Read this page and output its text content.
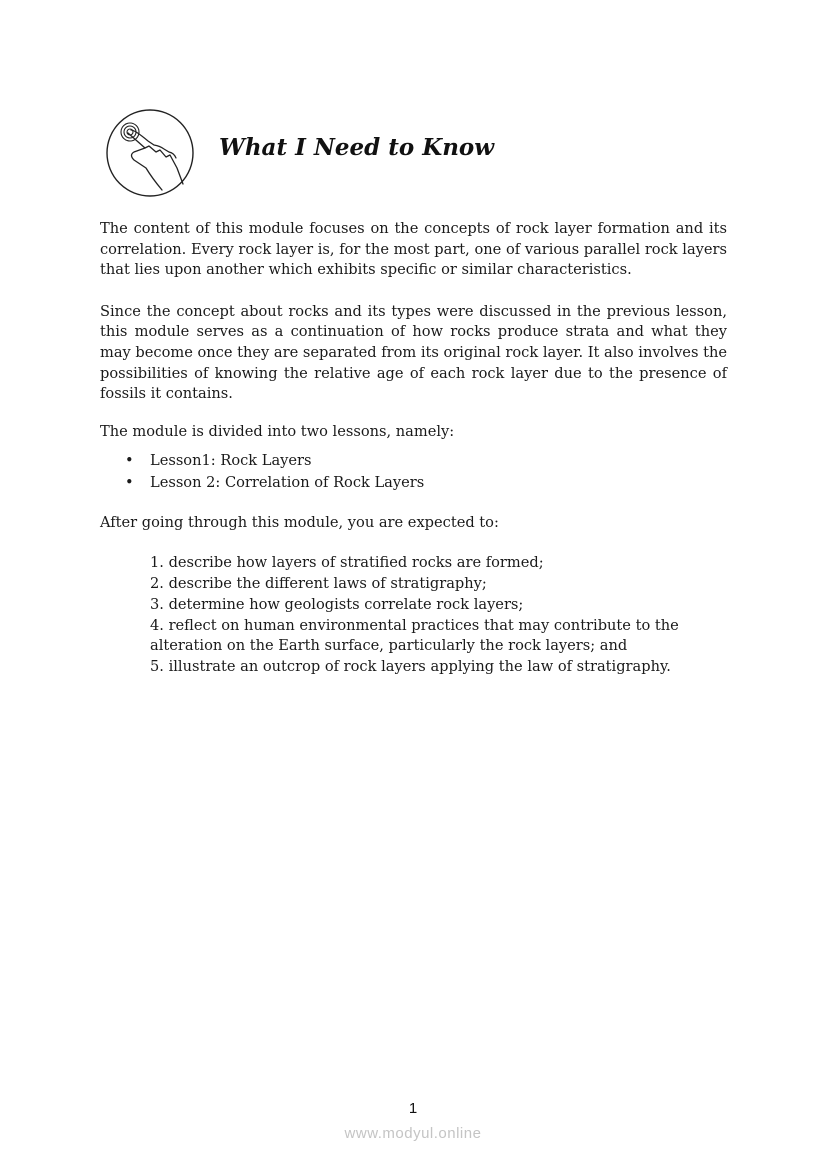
What I Need to Know

The content of this module focuses on the concepts of rock layer formation and its correlation. Every rock layer is, for the most part, one of various parallel rock layers that lies upon another which exhibits specific or similar characteristics.

Since the concept about rocks and its types were discussed in the previous lesson, this module serves as a continuation of how rocks produce strata and what they may become once they are separated from its original rock layer. It also involves the possibilities of knowing the relative age of each rock layer due to the presence of fossils it contains.

The module is divided into two lessons, namely:

• Lesson1: Rock Layers
• Lesson 2: Correlation of Rock Layers

After going through this module, you are expected to:

1. describe how layers of stratified rocks are formed;
2. describe the different laws of stratigraphy;
3. determine how geologists correlate rock layers;
4. reflect on human environmental practices that may contribute to the
alteration on the Earth surface, particularly the rock layers; and
5. illustrate an outcrop of rock layers applying the law of stratigraphy.
1
www.modyul.online
